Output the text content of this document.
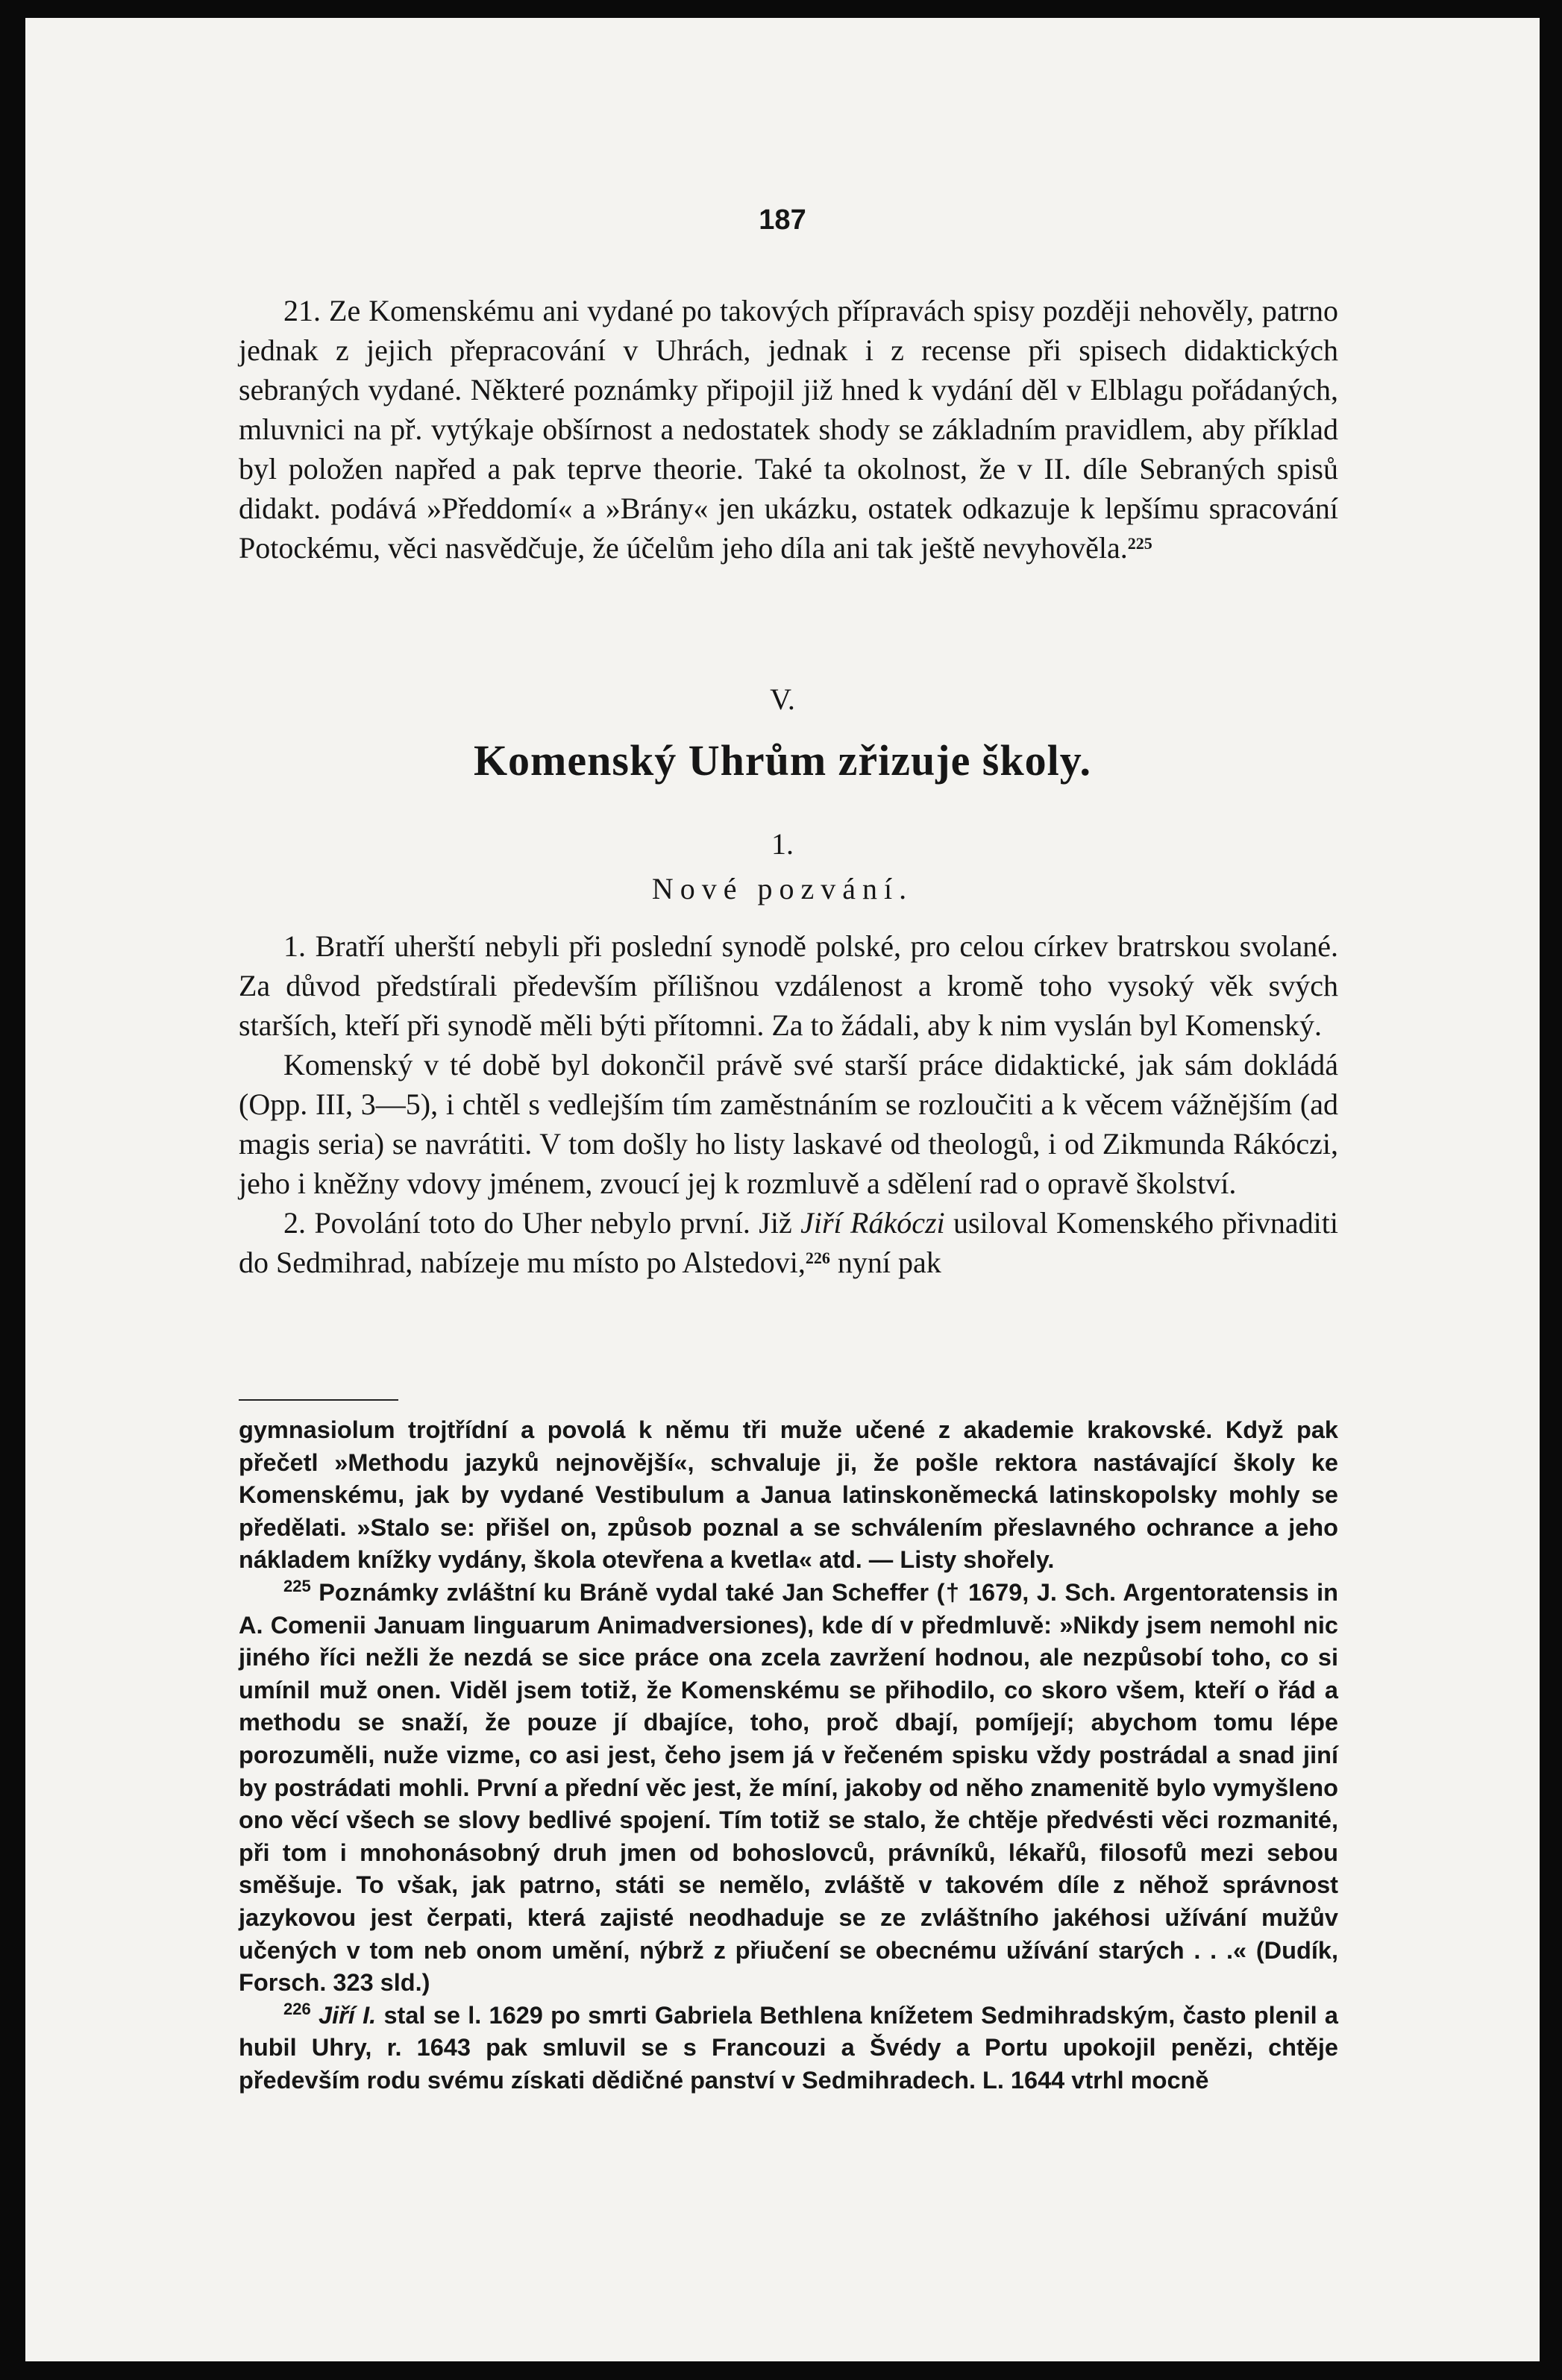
187

21. Ze Komenskému ani vydané po takových přípravách spisy později nehověly, patrno jednak z jejich přepracování v Uhrách, jednak i z recense při spisech didaktických sebraných vydané. Některé poznámky připojil již hned k vydání děl v Elblagu pořádaných, mluvnici na př. vytýkaje obšírnost a nedostatek shody se základním pravidlem, aby příklad byl položen napřed a pak teprve theorie. Také ta okolnost, že v II. díle Sebraných spisů didakt. podává »Předdomí« a »Brány« jen ukázku, ostatek odkazuje k lepšímu spracování Potockému, věci nasvědčuje, že účelům jeho díla ani tak ještě nevyhověla.$^{225}$

V.
Komenský Uhrům zřizuje školy.
1.
Nové pozvání.

1. Bratří uherští nebyli při poslední synodě polské, pro celou církev bratrskou svolané. Za důvod předstírali především přílišnou vzdálenost a kromě toho vysoký věk svých starších, kteří při synodě měli býti přítomni. Za to žádali, aby k nim vyslán byl Komenský.

Komenský v té době byl dokončil právě své starší práce didaktické, jak sám dokládá (Opp. III, 3—5), i chtěl s vedlejším tím zaměstnáním se rozloučiti a k věcem vážnějším (ad magis seria) se navrátiti. V tom došly ho listy laskavé od theologů, i od Zikmunda Rákóczi, jeho i kněžny vdovy jménem, zvoucí jej k rozmluvě a sdělení rad o opravě školství.

2. Povolání toto do Uher nebylo první. Již Jiří Rákóczi usiloval Komenského přivnaditi do Sedmihrad, nabízeje mu místo po Alstedovi,$^{226}$ nyní pak

gymnasiolum trojtřídní a povolá k němu tři muže učené z akademie krakovské. Když pak přečetl »Methodu jazyků nejnovější«, schvaluje ji, že pošle rektora nastávající školy ke Komenskému, jak by vydané Vestibulum a Janua latinskoněmecká latinskopolsky mohly se předělati. »Stalo se: přišel on, způsob poznal a se schválením přeslavného ochrance a jeho nákladem knížky vydány, škola otevřena a kvetla« atd. — Listy shořely.

$^{225}$ Poznámky zvláštní ku Bráně vydal také Jan Scheffer († 1679, J. Sch. Argentoratensis in A. Comenii Januam linguarum Animadversiones), kde dí v předmluvě: »Nikdy jsem nemohl nic jiného říci nežli že nezdá se sice práce ona zcela zavržení hodnou, ale nezpůsobí toho, co si umínil muž onen. Viděl jsem totiž, že Komenskému se přihodilo, co skoro všem, kteří o řád a methodu se snaží, že pouze jí dbajíce, toho, proč dbají, pomíjejí; abychom tomu lépe porozuměli, nuže vizme, co asi jest, čeho jsem já v řečeném spisku vždy postrádal a snad jiní by postrádati mohli. První a přední věc jest, že míní, jakoby od něho znamenitě bylo vymyšleno ono věcí všech se slovy bedlivé spojení. Tím totiž se stalo, že chtěje předvésti věci rozmanité, při tom i mnohonásobný druh jmen od bohoslovců, právníků, lékařů, filosofů mezi sebou směšuje. To však, jak patrno, státi se nemělo, zvláště v takovém díle z něhož správnost jazykovou jest čerpati, která zajisté neodhaduje se ze zvláštního jakéhosi užívání mužův učených v tom neb onom umění, nýbrž z přiučení se obecnému užívání starých . . .« (Dudík, Forsch. 323 sld.)

$^{226}$ Jiří I. stal se l. 1629 po smrti Gabriela Bethlena knížetem Sedmihradským, často plenil a hubil Uhry, r. 1643 pak smluvil se s Francouzi a Švédy a Portu upokojil penězi, chtěje především rodu svému získati dědičné panství v Sedmihradech. L. 1644 vtrhl mocně
